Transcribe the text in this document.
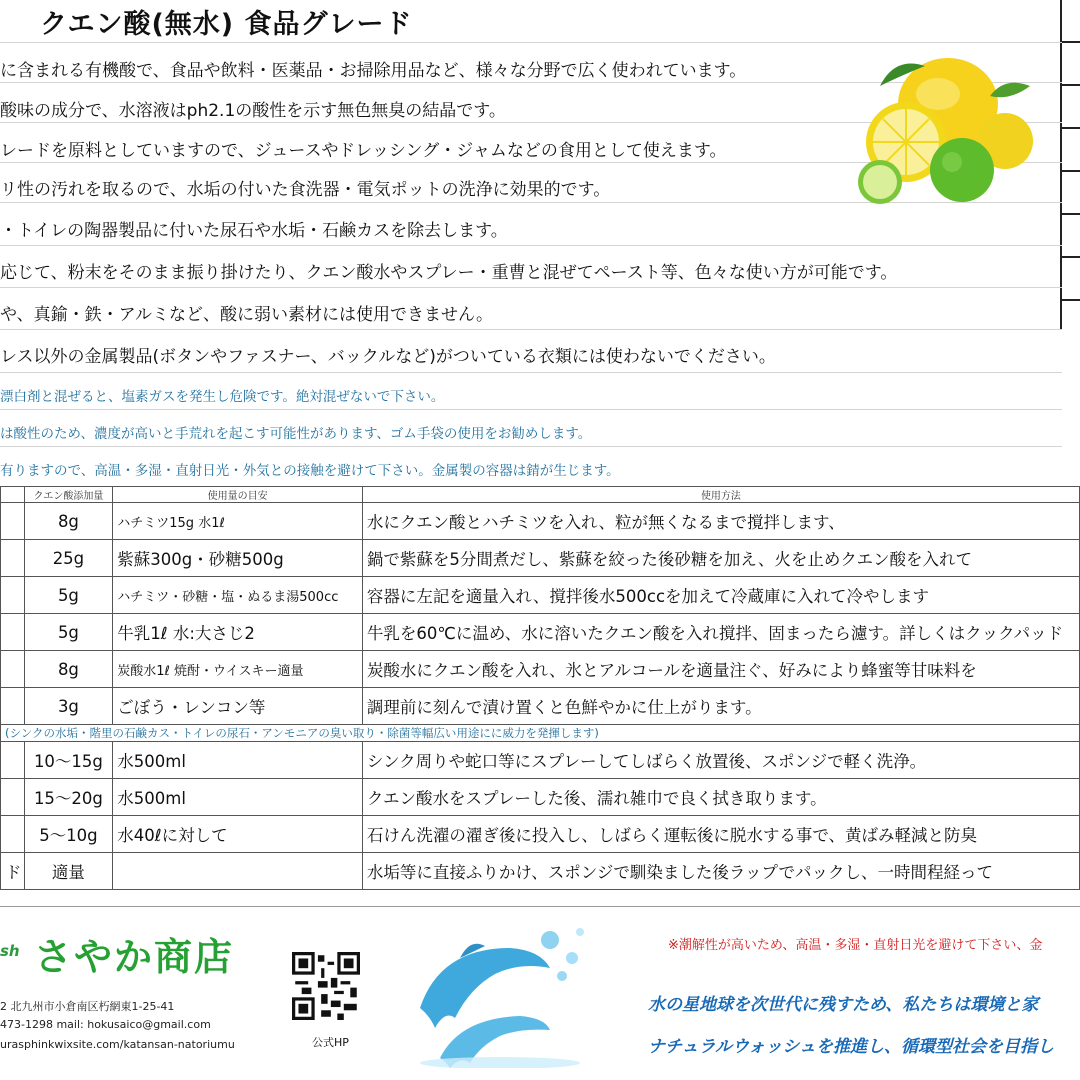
クエン酸(無水) 食品グレード
に含まれる有機酸で、食品や飲料・医薬品・お掃除用品など、様々な分野で広く使われています。
酸味の成分で、水溶液はph2.1の酸性を示す無色無臭の結晶です。
レードを原料としていますので、ジュースやドレッシング・ジャムなどの食用として使えます。
リ性の汚れを取るので、水垢の付いた食洗器・電気ポットの洗浄に効果的です。
・トイレの陶器製品に付いた尿石や水垢・石鹸カスを除去します。
応じて、粉末をそのまま振り掛けたり、クエン酸水やスプレー・重曹と混ぜてペースト等、色々な使い方が可能です。
や、真鍮・鉄・アルミなど、酸に弱い素材には使用できません。
レス以外の金属製品(ボタンやファスナー、バックルなど)がついている衣類には使わないでください。
漂白剤と混ぜると、塩素ガスを発生し危険です。絶対混ぜないで下さい。
は酸性のため、濃度が高いと手荒れを起こす可能性があります、ゴム手袋の使用をお勧めします。
有りますので、高温・多湿・直射日光・外気との接触を避けて下さい。金属製の容器は錆が生じます。
	クエン酸添加量	使用量の目安	使用方法
	8g	ハチミツ15g 水1ℓ	水にクエン酸とハチミツを入れ、粒が無くなるまで撹拌します、
	25g	紫蘇300g・砂糖500g	鍋で紫蘇を5分間煮だし、紫蘇を絞った後砂糖を加え、火を止めクエン酸を入れて
	5g	ハチミツ・砂糖・塩・ぬるま湯500cc	容器に左記を適量入れ、撹拌後水500ccを加えて冷蔵庫に入れて冷やします
	5g	牛乳1ℓ 水:大さじ2	牛乳を60℃に温め、水に溶いたクエン酸を入れ撹拌、固まったら濾す。詳しくはクックパッド
	8g	炭酸水1ℓ 焼酎・ウイスキー適量	炭酸水にクエン酸を入れ、氷とアルコールを適量注ぐ、好みにより蜂蜜等甘味料を
	3g	ごぼう・レンコン等	調理前に刻んで漬け置くと色鮮やかに仕上がります。
(シンクの水垢・階里の石鹸カス・トイレの尿石・アンモニアの臭い取り・除菌等幅広い用途にに威力を発揮します)			
	10～15g	水500ml	シンク周りや蛇口等にスプレーしてしばらく放置後、スポンジで軽く洗浄。
	15～20g	水500ml	クエン酸水をスプレーした後、濡れ雑巾で良く拭き取ります。
	5～10g	水40ℓに対して	石けん洗濯の濯ぎ後に投入し、しばらく運転後に脱水する事で、黄ばみ軽減と防臭
ド	適量		水垢等に直接ふりかけ、スポンジで馴染ました後ラップでパックし、一時間程経って
sh さやか商店
2 北九州市小倉南区朽網東1-25-41
473-1298 mail: hokusaico@gmail.com
urasphinkwixsite.com/katansan-natoriumu	公式HP
※潮解性が高いため、高温・多湿・直射日光を避けて下さい、金
水の星地球を次世代に残すため、私たちは環境と家
ナチュラルウォッシュを推進し、循環型社会を目指し
